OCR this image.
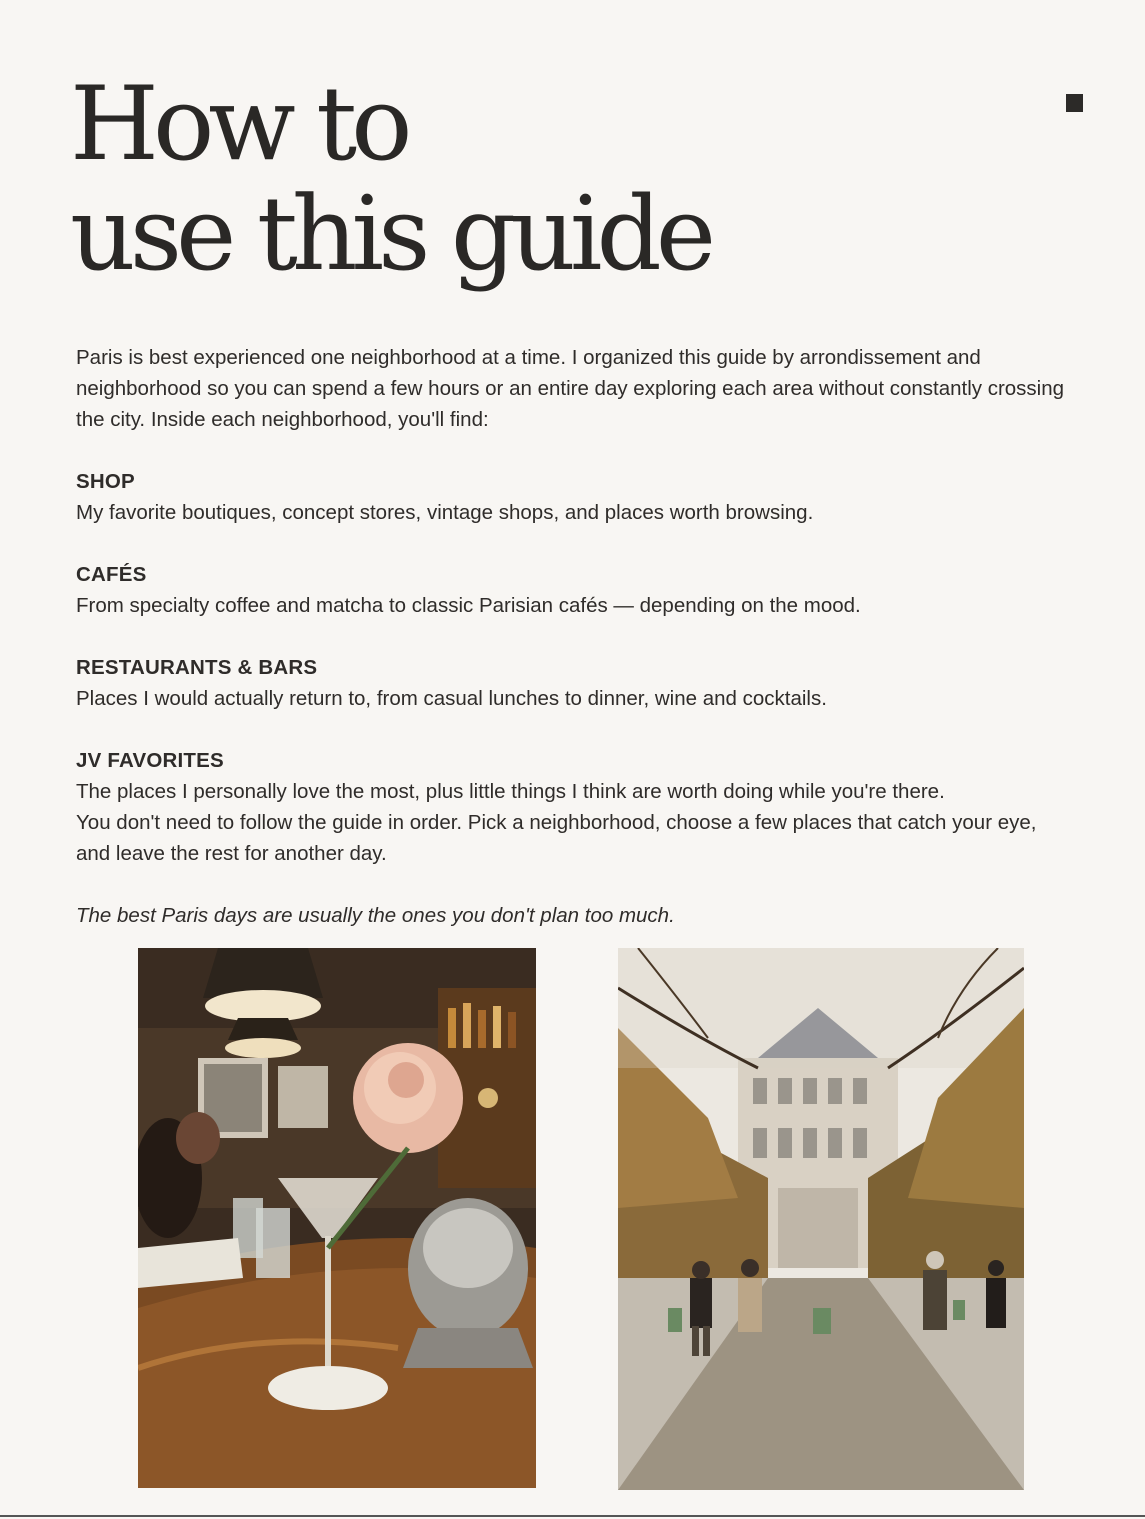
How to
use this guide

Paris is best experienced one neighborhood at a time. I organized this guide by arrondissement and neighborhood so you can spend a few hours or an entire day exploring each area without constantly crossing the city. Inside each neighborhood, you'll find:

SHOP

My favorite boutiques, concept stores, vintage shops, and places worth browsing.

CAFÉS

From specialty coffee and matcha to classic Parisian cafés — depending on the mood.

RESTAURANTS & BARS

Places I would actually return to, from casual lunches to dinner, wine and cocktails.

JV FAVORITES

The places I personally love the most, plus little things I think are worth doing while you're there.

You don't need to follow the guide in order. Pick a neighborhood, choose a few places that catch your eye, and leave the rest for another day.

The best Paris days are usually the ones you don't plan too much.
